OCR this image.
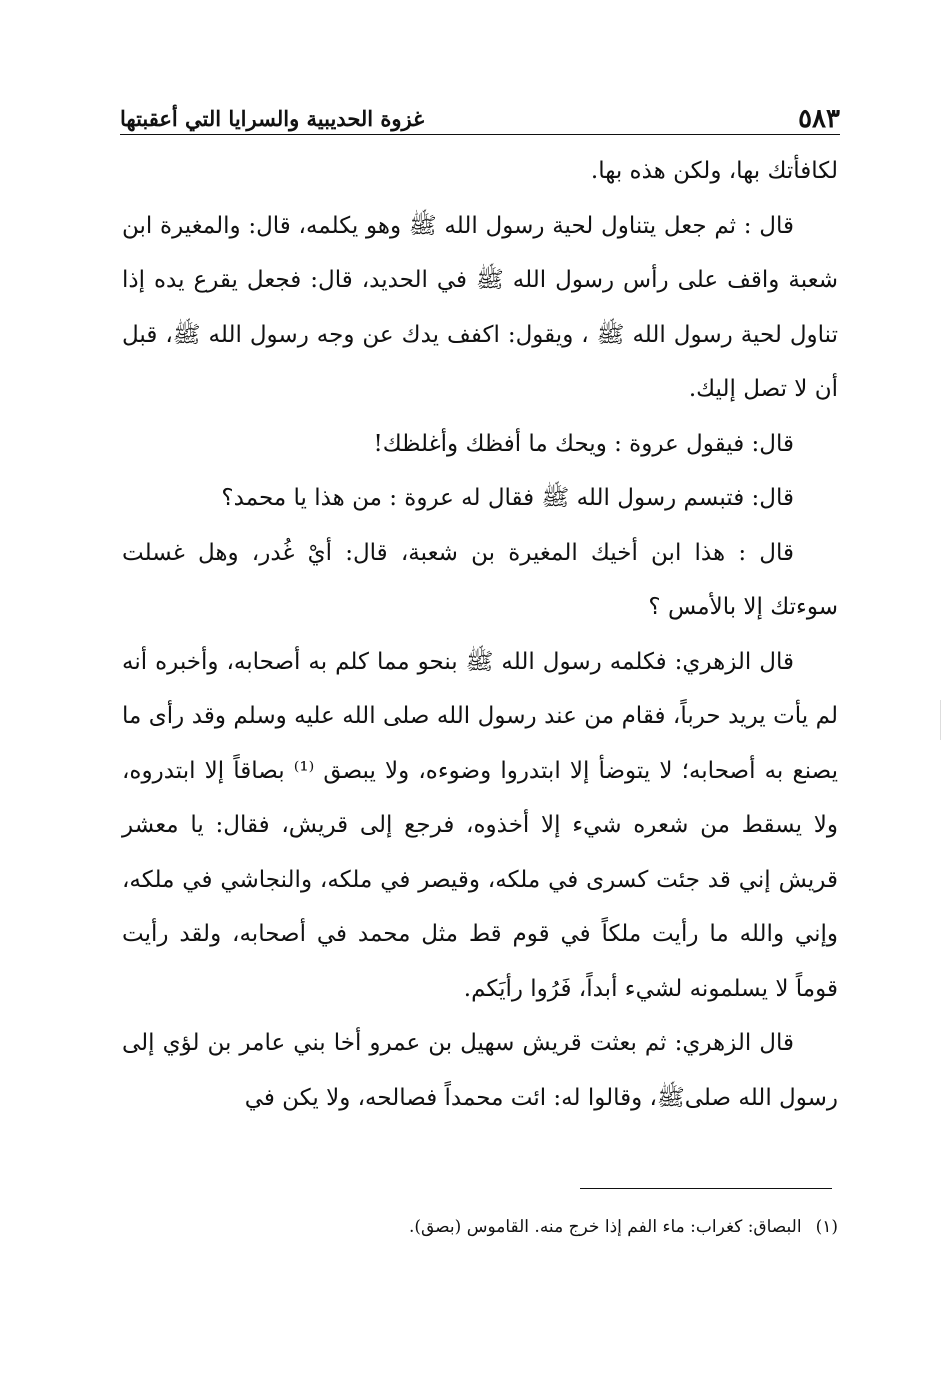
٥٨٣
غزوة الحديبية والسرايا التي أعقبتها

لكافأتك بها، ولكن هذه بها.

قال : ثم جعل يتناول لحية رسول الله ﷺ وهو يكلمه، قال: والمغيرة ابن شعبة واقف على رأس رسول الله ﷺ في الحديد، قال: فجعل يقرع يده إذا تناول لحية رسول الله ﷺ ، ويقول: اكفف يدك عن وجه رسول الله ﷺ، قبل أن لا تصل إليك.

قال: فيقول عروة : ويحك ما أفظك وأغلظك!

قال: فتبسم رسول الله ﷺ فقال له عروة : من هذا يا محمد؟

قال : هذا ابن أخيك المغيرة بن شعبة، قال: أيْ غُدر، وهل غسلت سوءتك إلا بالأمس ؟

قال الزهري: فكلمه رسول الله ﷺ بنحو مما كلم به أصحابه، وأخبره أنه لم يأت يريد حرباً، فقام من عند رسول الله صلى الله عليه وسلم وقد رأى ما يصنع به أصحابه؛ لا يتوضأ إلا ابتدروا وضوءه، ولا يبصق ⁽¹⁾ بصاقاً إلا ابتدروه، ولا يسقط من شعره شيء إلا أخذوه، فرجع إلى قريش، فقال: يا معشر قريش إني قد جئت كسرى في ملكه، وقيصر في ملكه، والنجاشي في ملكه، وإني والله ما رأيت ملكاً في قوم قط مثل محمد في أصحابه، ولقد رأيت قوماً لا يسلمونه لشيء أبداً، فَرُوا رأيَكم.

قال الزهري: ثم بعثت قريش سهيل بن عمرو أخا بني عامر بن لؤي إلى رسول الله صلىﷺ، وقالوا له: ائت محمداً فصالحه، ولا يكن في

(١)البصاق: كغراب: ماء الفم إذا خرج منه. القاموس (بصق).
